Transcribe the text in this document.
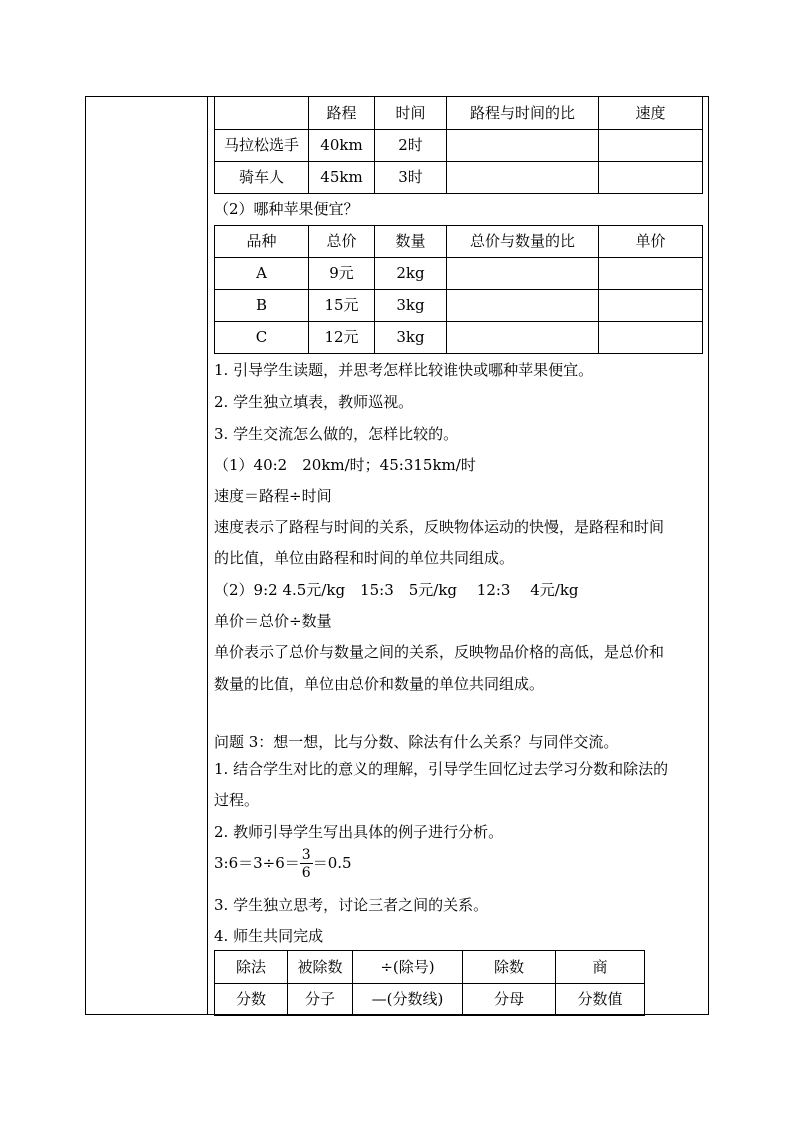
	路程	时间	路程与时间的比	速度
马拉松选手	40km	2时		
骑车人	45km	3时		
（2）哪种苹果便宜？
品种	总价	数量	总价与数量的比	单价
A	9元	2kg		
B	15元	3kg		
C	12元	3kg		
1. 引导学生读题，并思考怎样比较谁快或哪种苹果便宜。
2. 学生独立填表，教师巡视。
3. 学生交流怎么做的，怎样比较的。
（1）40:2　20km/时；45:315km/时
速度＝路程÷时间
速度表示了路程与时间的关系，反映物体运动的快慢，是路程和时间
的比值，单位由路程和时间的单位共同组成。
（2）9:2 4.5元/kg　15:3　5元/kg　 12:3　 4元/kg
单价＝总价÷数量
单价表示了总价与数量之间的关系，反映物品价格的高低，是总价和
数量的比值，单位由总价和数量的单位共同组成。
问题 3：想一想，比与分数、除法有什么关系？与同伴交流。
1. 结合学生对比的意义的理解，引导学生回忆过去学习分数和除法的
过程。
2. 教师引导学生写出具体的例子进行分析。
3:6＝3÷6＝ $\frac{3}{6} =0.5$
3. 学生独立思考，讨论三者之间的关系。
4. 师生共同完成
除法	被除数	÷(除号)	除数	商
分数	分子	—(分数线)	分母	分数值
